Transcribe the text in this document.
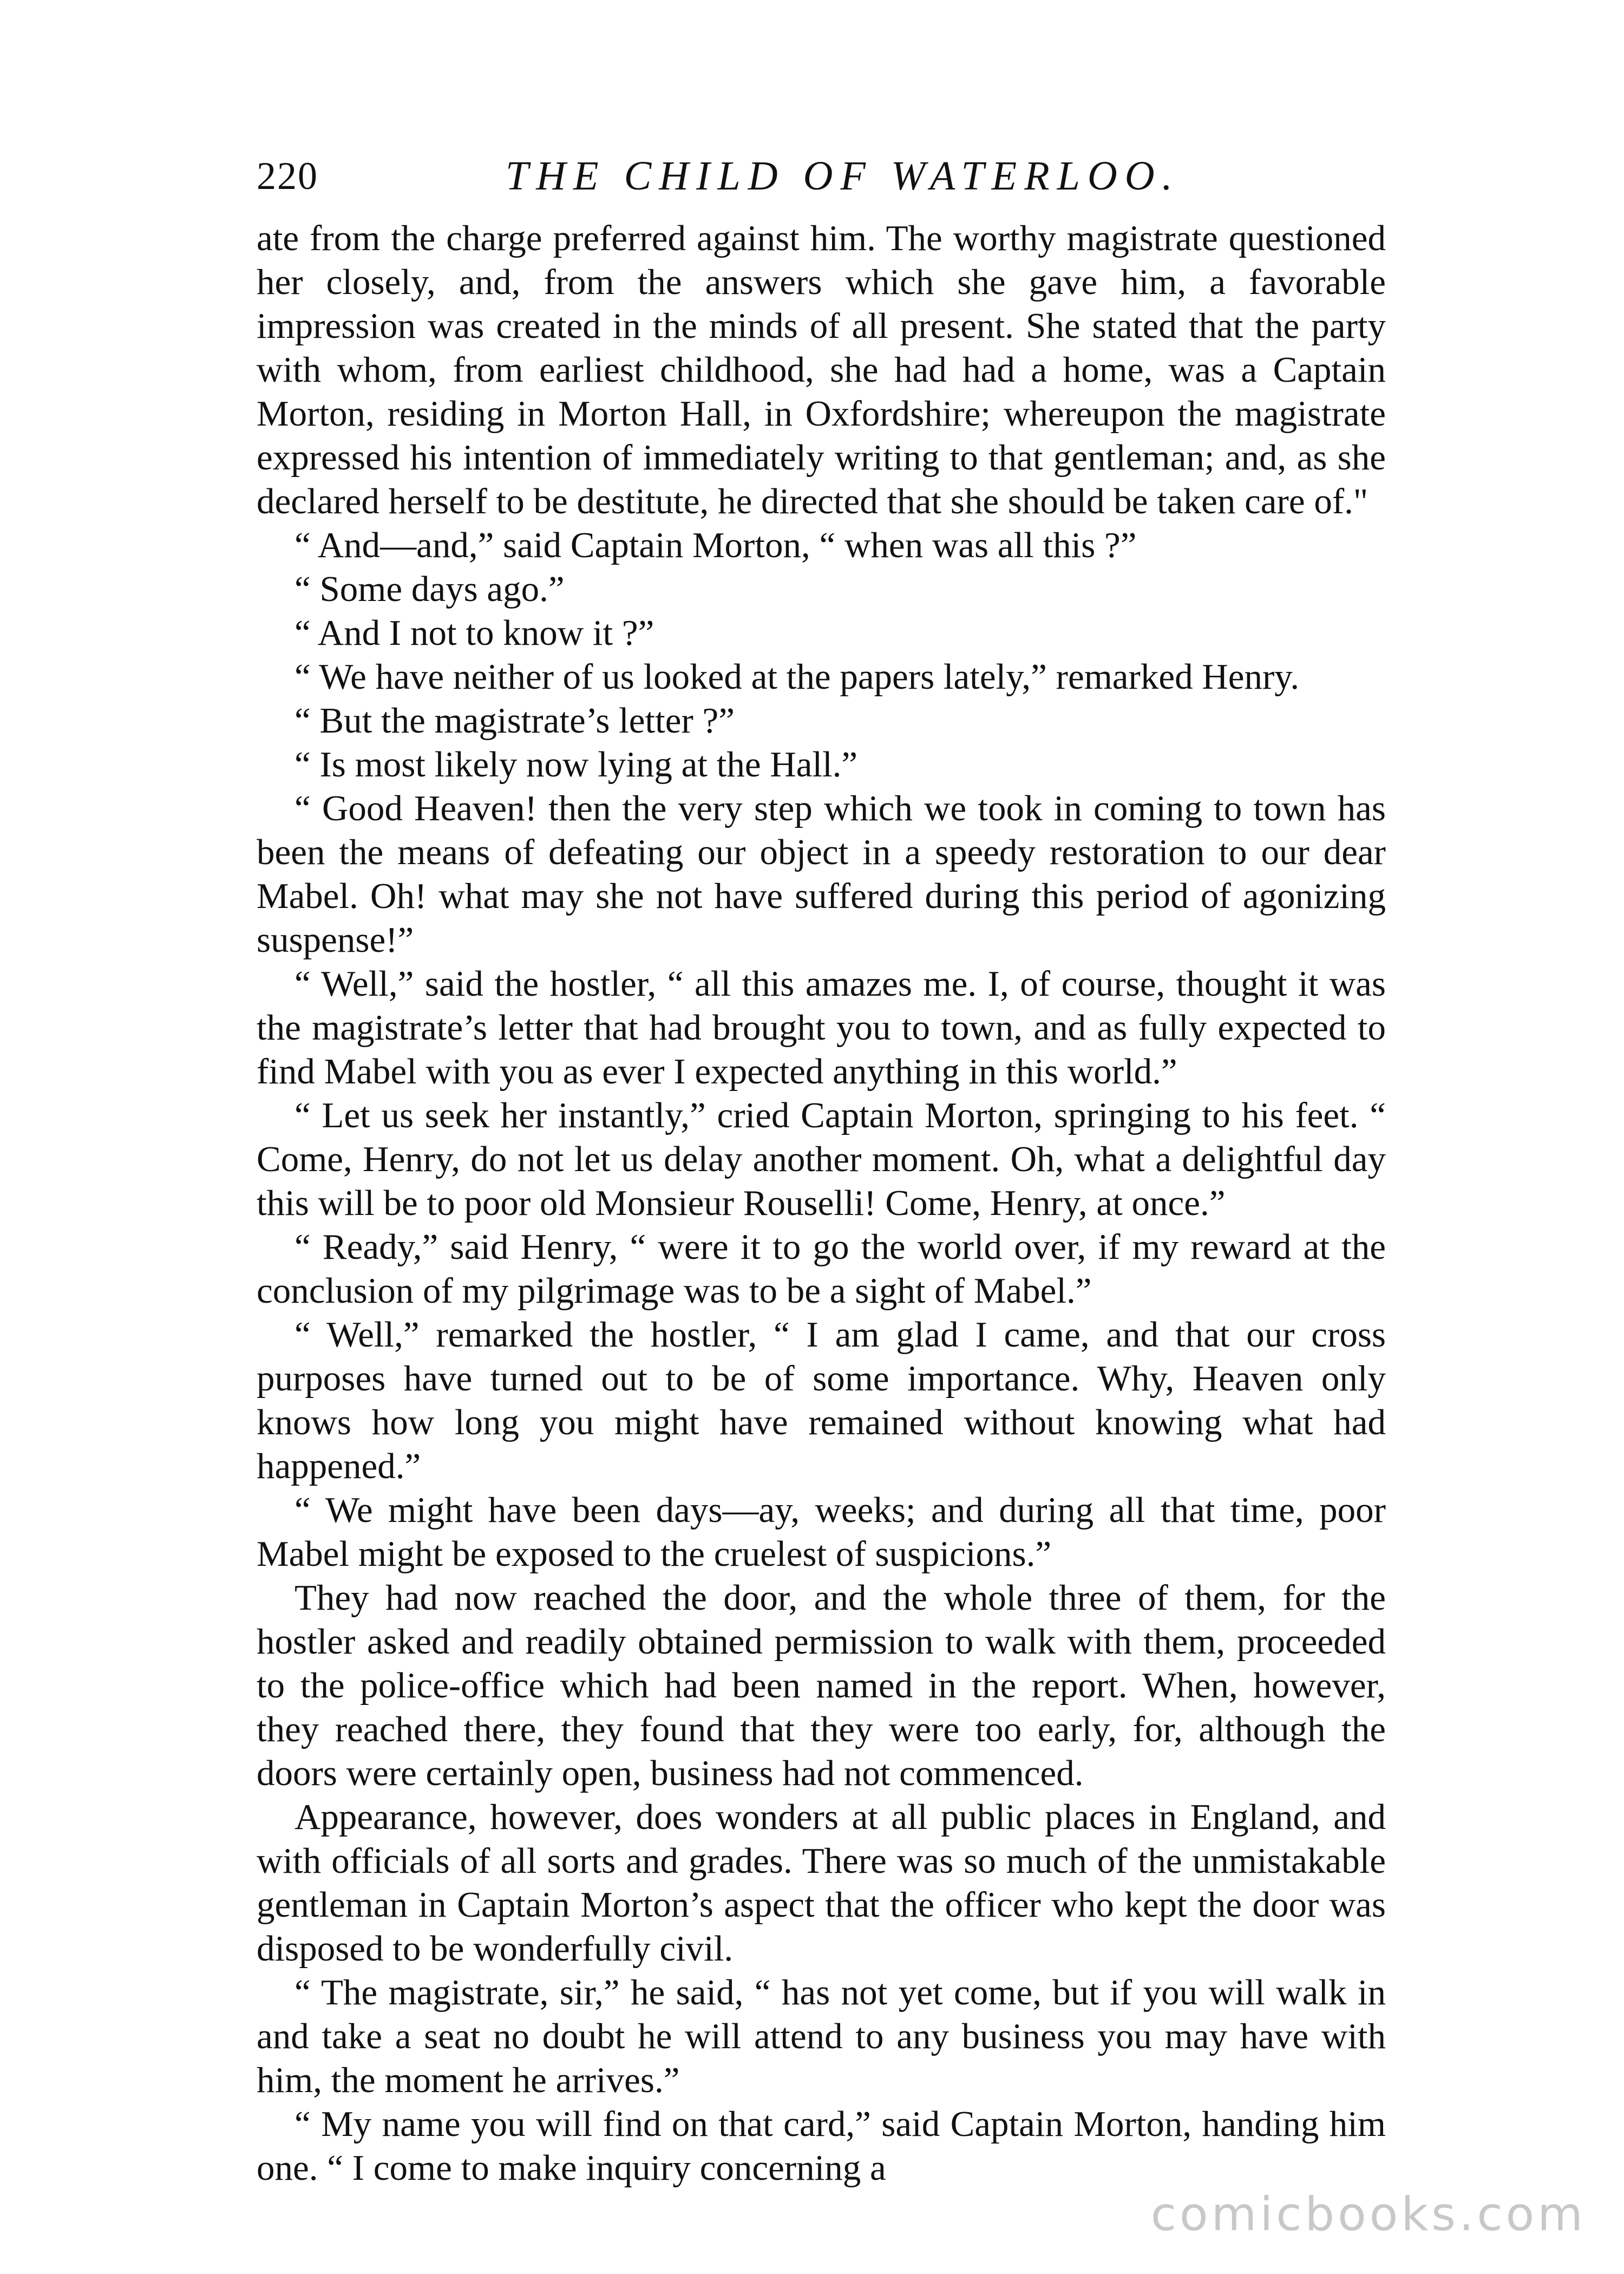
220	THE CHILD OF WATERLOO.

ate from the charge preferred against him. The worthy magistrate questioned her closely, and, from the answers which she gave him, a favorable impression was created in the minds of all present. She stated that the party with whom, from earliest childhood, she had had a home, was a Captain Morton, residing in Morton Hall, in Oxfordshire; whereupon the magistrate expressed his intention of immediately writing to that gentleman; and, as she declared herself to be destitute, he directed that she should be taken care of."

“ And—and,” said Captain Morton, “ when was all this ?”

“ Some days ago.”

“ And I not to know it ?”

“ We have neither of us looked at the papers lately,” remarked Henry.

“ But the magistrate’s letter ?”

“ Is most likely now lying at the Hall.”

“ Good Heaven! then the very step which we took in coming to town has been the means of defeating our object in a speedy restoration to our dear Mabel. Oh! what may she not have suffered during this period of agonizing suspense!”

“ Well,” said the hostler, “ all this amazes me. I, of course, thought it was the magistrate’s letter that had brought you to town, and as fully expected to find Mabel with you as ever I expected anything in this world.”

“ Let us seek her instantly,” cried Captain Morton, springing to his feet. “ Come, Henry, do not let us delay another moment. Oh, what a delightful day this will be to poor old Monsieur Rouselli! Come, Henry, at once.”

“ Ready,” said Henry, “ were it to go the world over, if my reward at the conclusion of my pilgrimage was to be a sight of Mabel.”

“ Well,” remarked the hostler, “ I am glad I came, and that our cross purposes have turned out to be of some importance. Why, Heaven only knows how long you might have remained without knowing what had happened.”

“ We might have been days—ay, weeks; and during all that time, poor Mabel might be exposed to the cruelest of suspicions.”

They had now reached the door, and the whole three of them, for the hostler asked and readily obtained permission to walk with them, proceeded to the police-office which had been named in the report. When, however, they reached there, they found that they were too early, for, although the doors were certainly open, business had not commenced.

Appearance, however, does wonders at all public places in England, and with officials of all sorts and grades. There was so much of the unmistakable gentleman in Captain Morton’s aspect that the officer who kept the door was disposed to be wonderfully civil.

“ The magistrate, sir,” he said, “ has not yet come, but if you will walk in and take a seat no doubt he will attend to any business you may have with him, the moment he arrives.”

“ My name you will find on that card,” said Captain Morton, handing him one. “ I come to make inquiry concerning a

comicbooks.com
